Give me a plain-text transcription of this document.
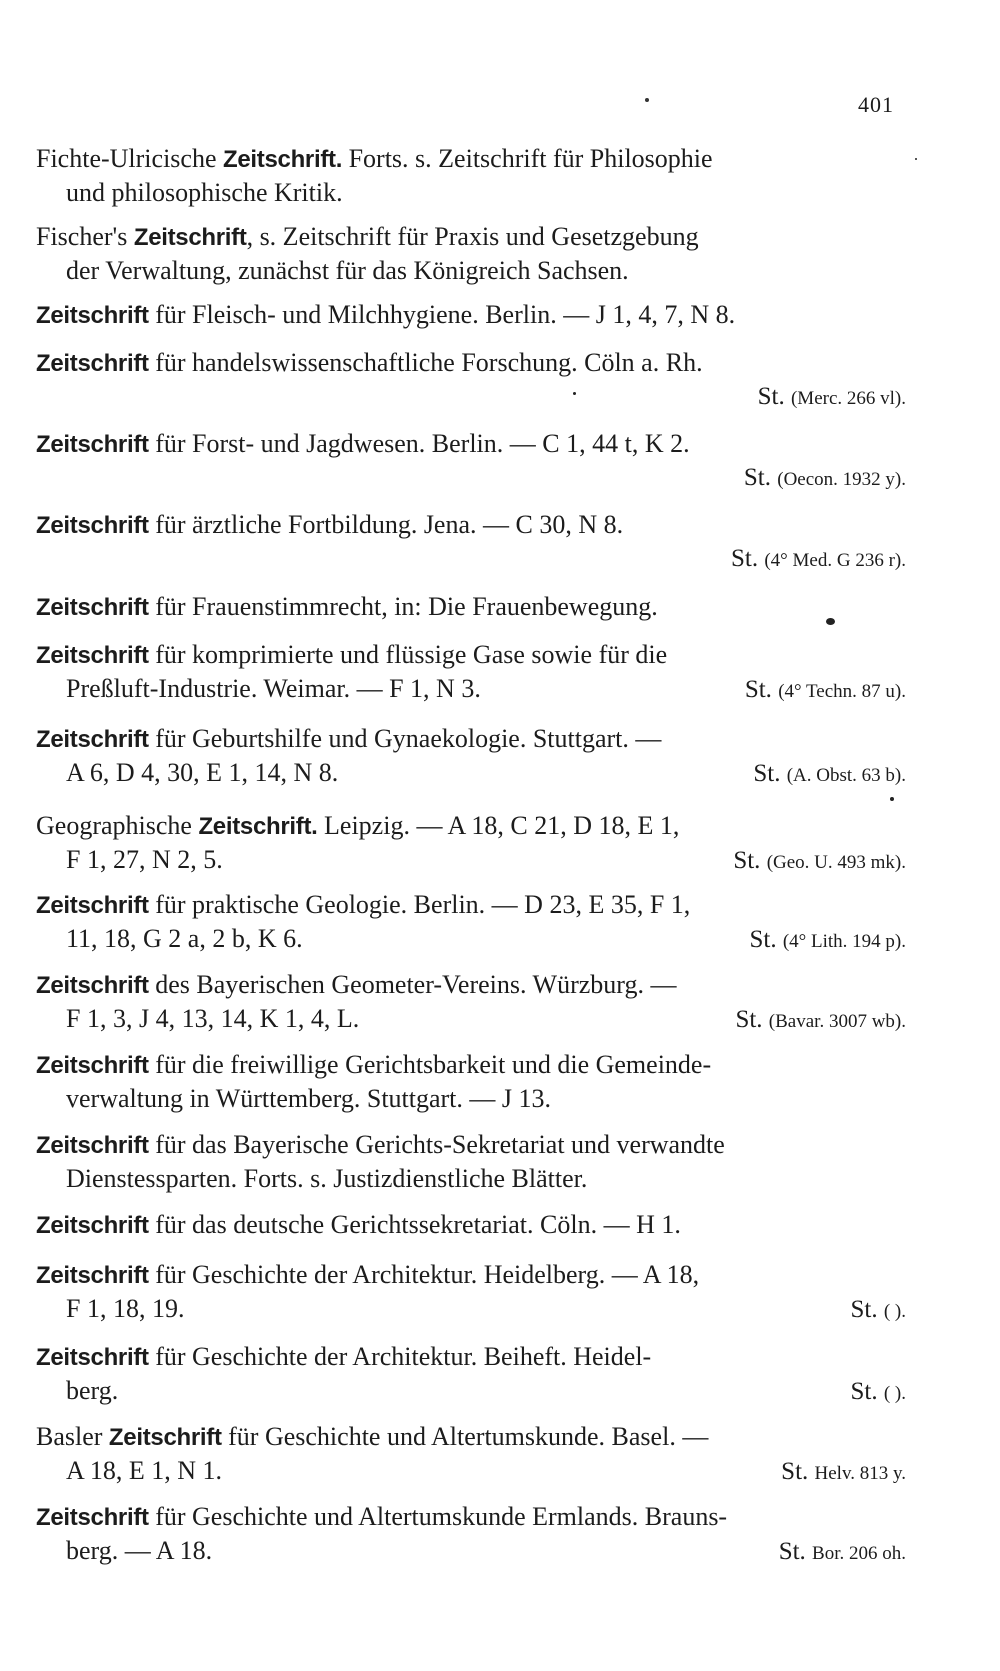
401
Fichte-Ulricische Zeitschrift. Forts. s. Zeitschrift für Philosophie
und philosophische Kritik.
Fischer's Zeitschrift, s. Zeitschrift für Praxis und Gesetzgebung
der Verwaltung, zunächst für das Königreich Sachsen.
Zeitschrift für Fleisch- und Milchhygiene. Berlin. — J 1, 4, 7, N 8.
Zeitschrift für handelswissenschaftliche Forschung. Cöln a. Rh.
St. (Merc. 266 vl).
Zeitschrift für Forst- und Jagdwesen. Berlin. — C 1, 44 t, K 2.
St. (Oecon. 1932 y).
Zeitschrift für ärztliche Fortbildung. Jena. — C 30, N 8.
St. (4° Med. G 236 r).
Zeitschrift für Frauenstimmrecht, in: Die Frauenbewegung.
Zeitschrift für komprimierte und flüssige Gase sowie für die
Preßluft-Industrie. Weimar. — F 1, N 3.	St. (4° Techn. 87 u).
Zeitschrift für Geburtshilfe und Gynaekologie. Stuttgart. —
A 6, D 4, 30, E 1, 14, N 8.	St. (A. Obst. 63 b).
Geographische Zeitschrift. Leipzig. — A 18, C 21, D 18, E 1,
F 1, 27, N 2, 5.	St. (Geo. U. 493 mk).
Zeitschrift für praktische Geologie. Berlin. — D 23, E 35, F 1,
11, 18, G 2 a, 2 b, K 6.	St. (4° Lith. 194 p).
Zeitschrift des Bayerischen Geometer-Vereins. Würzburg. —
F 1, 3, J 4, 13, 14, K 1, 4, L.	St. (Bavar. 3007 wb).
Zeitschrift für die freiwillige Gerichtsbarkeit und die Gemeinde-
verwaltung in Württemberg. Stuttgart. — J 13.
Zeitschrift für das Bayerische Gerichts-Sekretariat und verwandte
Dienstessparten. Forts. s. Justizdienstliche Blätter.
Zeitschrift für das deutsche Gerichtssekretariat. Cöln. — H 1.
Zeitschrift für Geschichte der Architektur. Heidelberg. — A 18,
F 1, 18, 19.	St. ( ).
Zeitschrift für Geschichte der Architektur. Beiheft. Heidel-
berg.	St. ( ).
Basler Zeitschrift für Geschichte und Altertumskunde. Basel. —
A 18, E 1, N 1.	St. Helv. 813 y.
Zeitschrift für Geschichte und Altertumskunde Ermlands. Brauns-
berg. — A 18.	St. Bor. 206 oh.
